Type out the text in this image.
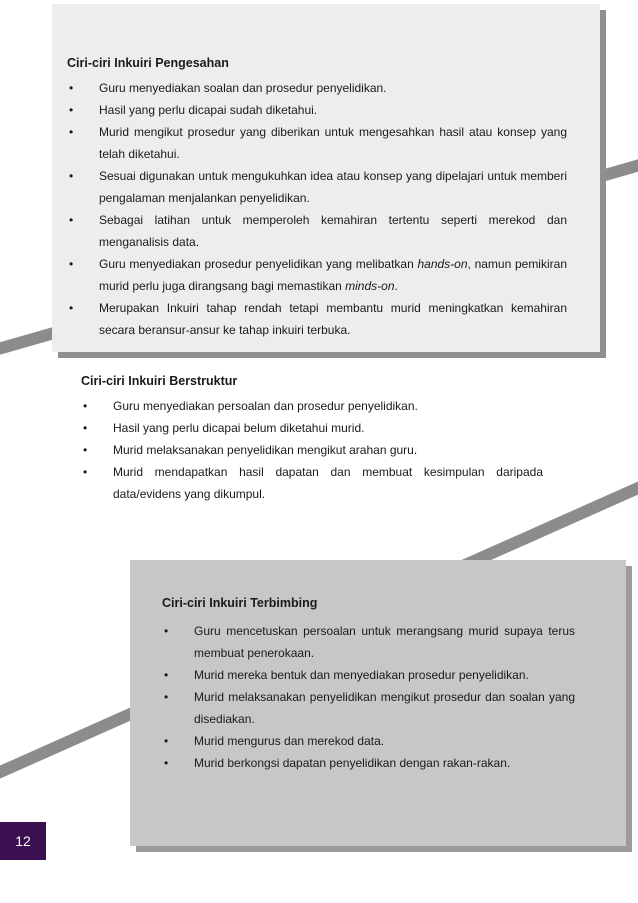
Ciri-ciri Inkuiri Pengesahan
• Guru menyediakan soalan dan prosedur penyelidikan.
• Hasil yang perlu dicapai sudah diketahui.
• Murid mengikut prosedur yang diberikan untuk mengesahkan hasil atau konsep yang telah diketahui.
• Sesuai digunakan untuk mengukuhkan idea atau konsep yang dipelajari untuk memberi pengalaman menjalankan penyelidikan.
• Sebagai latihan untuk memperoleh kemahiran tertentu seperti merekod dan menganalisis data.
• Guru menyediakan prosedur penyelidikan yang melibatkan hands-on, namun pemikiran murid perlu juga dirangsang bagi memastikan minds-on.
• Merupakan Inkuiri tahap rendah tetapi membantu murid meningkatkan kemahiran secara beransur-ansur ke tahap inkuiri terbuka.
Ciri-ciri Inkuiri Berstruktur
• Guru menyediakan persoalan dan prosedur penyelidikan.
• Hasil yang perlu dicapai belum diketahui murid.
• Murid melaksanakan penyelidikan mengikut arahan guru.
• Murid mendapatkan hasil dapatan dan membuat kesimpulan daripada data/evidens yang dikumpul.
Ciri-ciri Inkuiri Terbimbing
• Guru mencetuskan persoalan untuk merangsang murid supaya terus membuat penerokaan.
• Murid mereka bentuk dan menyediakan prosedur penyelidikan.
• Murid melaksanakan penyelidikan mengikut prosedur dan soalan yang disediakan.
• Murid mengurus dan merekod data.
• Murid berkongsi dapatan penyelidikan dengan rakan-rakan.
12
